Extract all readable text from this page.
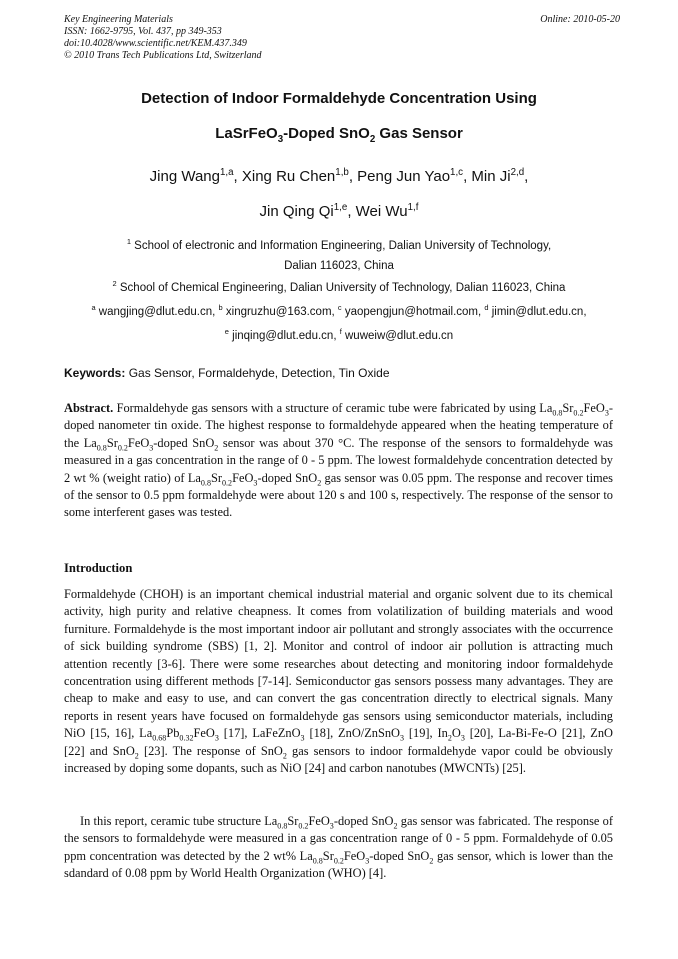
Key Engineering Materials
ISSN: 1662-9795, Vol. 437, pp 349-353
doi:10.4028/www.scientific.net/KEM.437.349
© 2010 Trans Tech Publications Ltd, Switzerland
Online: 2010-05-20
Detection of Indoor Formaldehyde Concentration Using
LaSrFeO$_3$-Doped SnO$_2$ Gas Sensor
Jing Wang$^{1,a}$, Xing Ru Chen$^{1,b}$, Peng Jun Yao$^{1,c}$, Min Ji$^{2,d}$,
Jin Qing Qi$^{1,e}$, Wei Wu$^{1,f}$
$^1$ School of electronic and Information Engineering, Dalian University of Technology,
Dalian 116023, China
$^2$ School of Chemical Engineering, Dalian University of Technology, Dalian 116023, China
$^a$ wangjing@dlut.edu.cn, $^b$ xingruzhu@163.com, $^c$ yaopengjun@hotmail.com, $^d$ jimin@dlut.edu.cn,
$^e$ jinqing@dlut.edu.cn, $^f$ wuweiw@dlut.edu.cn
Keywords: Gas Sensor, Formaldehyde, Detection, Tin Oxide
Abstract. Formaldehyde gas sensors with a structure of ceramic tube were fabricated by using $La_{0.8}Sr_{0.2}FeO_3$-doped nanometer tin oxide. The highest response to formaldehyde appeared when the heating temperature of the $La_{0.8}Sr_{0.2}FeO_3$-doped SnO$_2$ sensor was about 370 °C. The response of the sensors to formaldehyde was measured in a gas concentration in the range of 0 - 5 ppm. The lowest formaldehyde concentration detected by 2 wt % (weight ratio) of $La_{0.8}Sr_{0.2}FeO_3$-doped SnO$_2$ gas sensor was 0.05 ppm. The response and recover times of the sensor to 0.5 ppm formaldehyde were about 120 s and 100 s, respectively. The response of the sensor to some interferent gases was tested.
Introduction
Formaldehyde (CHOH) is an important chemical industrial material and organic solvent due to its chemical activity, high purity and relative cheapness. It comes from volatilization of building materials and wood furniture. Formaldehyde is the most important indoor air pollutant and strongly associates with the occurrence of sick building syndrome (SBS) [1, 2]. Monitor and control of indoor air pollution is attracting much attention recently [3-6]. There were some researches about detecting and monitoring indoor formaldehyde concentration using different methods [7-14]. Semiconductor gas sensors possess many advantages. They are cheap to make and easy to use, and can convert the gas concentration directly to electrical signals. Many reports in resent years have focused on formaldehyde gas sensors using semiconductor materials, including NiO [15, 16], $La_{0.68}Pb_{0.32}FeO_3$ [17], LaFeZnO$_3$ [18], ZnO/ZnSnO$_3$ [19], $In_2O_3$ [20], La-Bi-Fe-O [21], ZnO [22] and SnO$_2$ [23]. The response of SnO$_2$ gas sensors to indoor formaldehyde vapor could be obviously increased by doping some dopants, such as NiO [24] and carbon nanotubes (MWCNTs) [25].
In this report, ceramic tube structure $La_{0.8}Sr_{0.2}FeO_3$-doped SnO$_2$ gas sensor was fabricated. The response of the sensors to formaldehyde were measured in a gas concentration range of 0 - 5 ppm. Formaldehyde of 0.05 ppm concentration was detected by the 2 wt% $La_{0.8}Sr_{0.2}FeO_3$-doped SnO$_2$ gas sensor, which is lower than the sdandard of 0.08 ppm by World Health Organization (WHO) [4].
